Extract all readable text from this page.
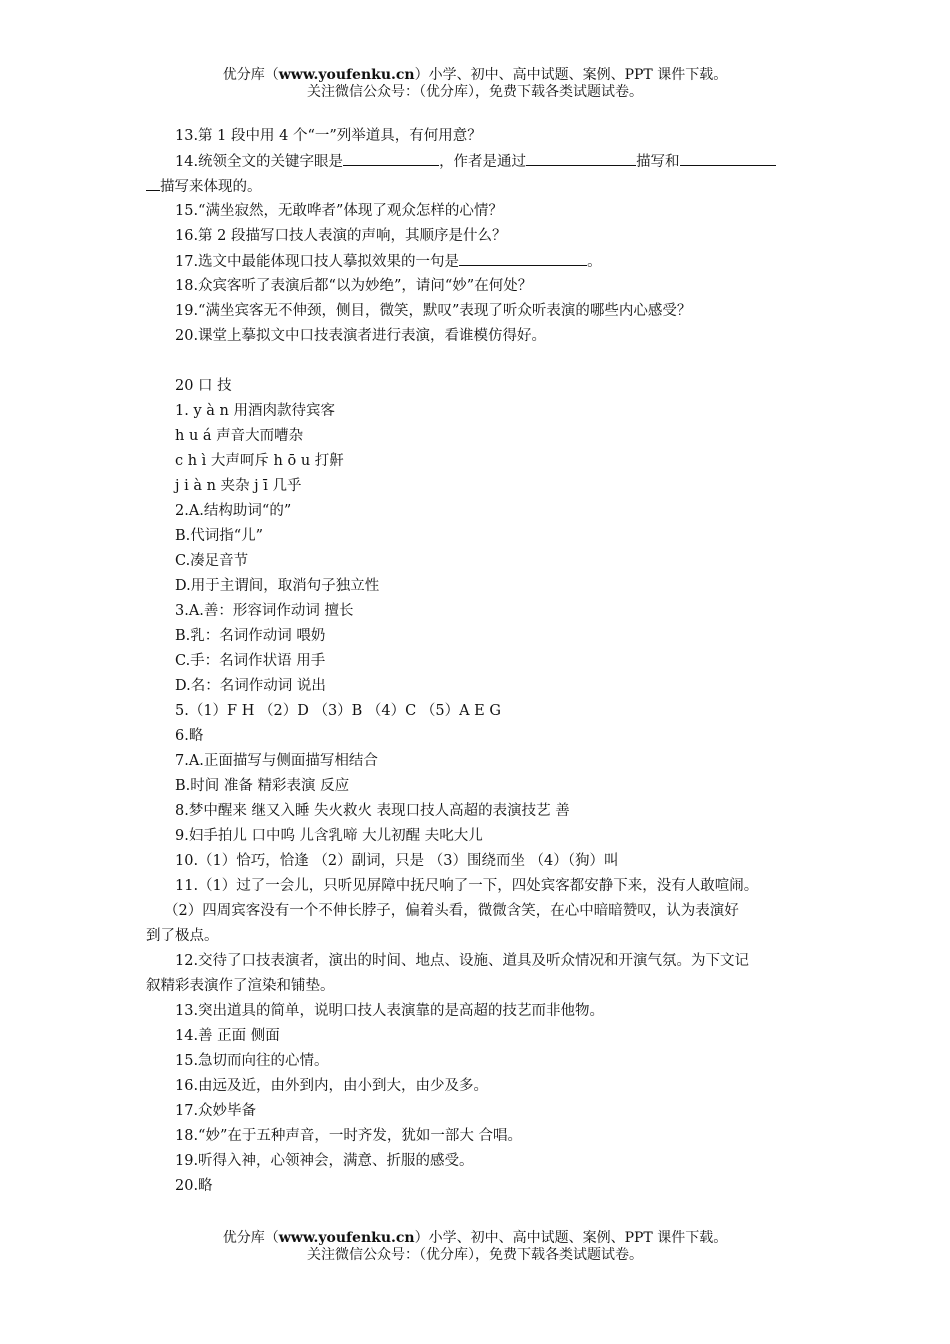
优分库（www.youfenku.cn）小学、初中、高中试题、案例、PPT 课件下载。
关注微信公众号：（优分库），免费下载各类试题试卷。
13.第 1 段中用 4 个“一”列举道具，有何用意？
14.统领全文的关键字眼是	，作者是通过	描写和
描写来体现的。
15.“满坐寂然，无敢哗者”体现了观众怎样的心情？
16.第 2 段描写口技人表演的声响，其顺序是什么？
17.选文中最能体现口技人摹拟效果的一句是	。
18.众宾客听了表演后都“以为妙绝”，请问“妙”在何处？
19.“满坐宾客无不伸颈，侧目，微笑，默叹”表现了听众听表演的哪些内心感受？
20.课堂上摹拟文中口技表演者进行表演，看谁模仿得好。
20 口 技
1. y à n 用酒肉款待宾客
h u á 声音大而嘈杂
c h ì 大声呵斥 h ō u 打鼾
j i à n 夹杂 j ī 几乎
2.A.结构助词“的”
B.代词指“儿”
C.凑足音节
D.用于主谓间，取消句子独立性
3.A.善：形容词作动词 擅长
B.乳：名词作动词 喂奶
C.手：名词作状语 用手
D.名：名词作动词 说出
5.（1）F H （2）D （3）B （4）C （5）A E G
6.略
7.A.正面描写与侧面描写相结合
B.时间 准备 精彩表演 反应
8.梦中醒来 继又入睡 失火救火 表现口技人高超的表演技艺 善
9.妇手拍儿 口中呜 儿含乳啼 大儿初醒 夫叱大儿
10.（1）恰巧，恰逢 （2）副词，只是 （3）围绕而坐 （4）（狗）叫
11.（1）过了一会儿，只听见屏障中抚尺响了一下，四处宾客都安静下来，没有人敢喧闹。
（2）四周宾客没有一个不伸长脖子，偏着头看，微微含笑，在心中暗暗赞叹，认为表演好
到了极点。
12.交待了口技表演者，演出的时间、地点、设施、道具及听众情况和开演气氛。为下文记
叙精彩表演作了渲染和铺垫。
13.突出道具的简单，说明口技人表演靠的是高超的技艺而非他物。
14.善 正面 侧面
15.急切而向往的心情。
16.由远及近，由外到内，由小到大，由少及多。
17.众妙毕备
18.“妙”在于五种声音，一时齐发，犹如一部大 合唱。
19.听得入神，心领神会，满意、折服的感受。
20.略
优分库（www.youfenku.cn）小学、初中、高中试题、案例、PPT 课件下载。
关注微信公众号：（优分库），免费下载各类试题试卷。
